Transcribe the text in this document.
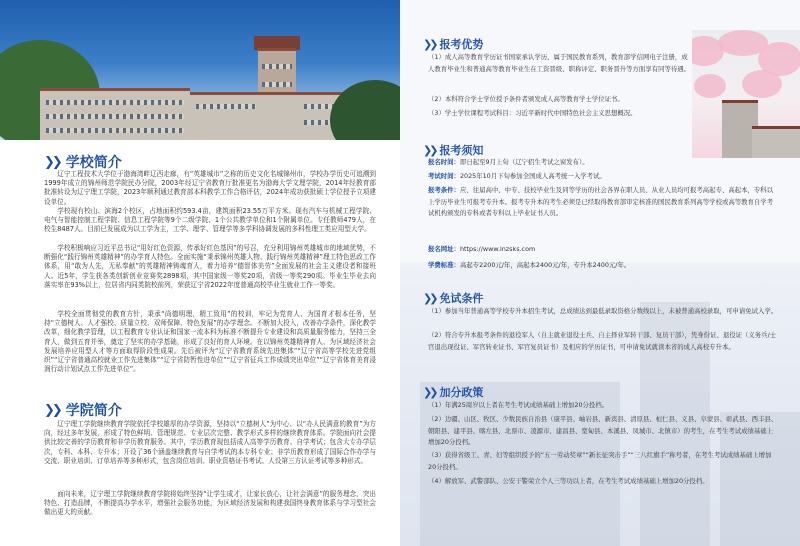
❯❯ 学校简介

辽宁工程技术大学位于渤海湾畔辽西走廊，有“英雄城市”之称的历史文化名城锦州市，学校办学历史可追溯到1999年成立的锦州师范学院民办分院，2003年经辽宁省教育厅批准更名为渤海大学文理学院，2014年经教育部批准转设为辽宁理工学院，2023年顺利通过教育部本科教学工作合格评估，2024年成功获批硕士学位授予立项建设单位。

学校现有校山、滨海2个校区，占地面积约593.4亩，建筑面积23.55万平方米。现有汽车与机械工程学院、电气与智能控制工程学院、信息工程学院等9个二级学院、1个公共教学单位和1个附属单位。专任教师479人，在校生8487人。目前已发展成为以工学为主，工学、理学、管理学等多学科协调发展的多科性理工类应用型大学。

学校积极响应习近平总书记“用好红色资源，传承好红色基因”的号召，充分利用锦州英雄城市的地域优势，不断强化“践行锦州英雄精神”的办学育人特色。全面实施“秉承锦州英雄人物、践行锦州英雄精神”理工特色思政工作体系，用“敢为人先，无私奉献”的英雄精神铸魂育人，着力培养“德智体美劳”全面发展的社会主义建设者和接班人。近5年，学生获各类创新创业竞赛奖2898项，其中国家级一等奖20项，省级一等奖290项。毕业生毕业去向落实率在93%以上，位居省内同类院校前列，荣获辽宁省2022年度普通高校毕业生就业工作一等奖。

学校全面贯彻党的教育方针，秉承“尚德明理，精工致用”的校训，牢记为党育人、为国育才根本任务，坚持“立德树人、人才强校、质量立校、双师保障、特色发展”的办学理念。不断加大投入，改善办学条件，深化教学改革，细化教学管理，以工程教育专业认证和国家一流本科为标准不断提升专业建设和高质量服务能力，坚持三全育人，做到五育并举，奠定了坚实的办学基础，形成了良好的育人环境。在以锦州英雄精神育人、为区域经济社会发展培养应用型人才等方面取得阶段性成果。先后被评为“辽宁省教育系统先进集体”“辽宁省高等学校先进党组织”“辽宁省普通高校就业工作先进集体”“辽宁省防暂性进单位”“辽宁省征兵工作成绩突出单位”“辽宁省体育美育浸润行动计划试点工作先进单位”。

❯❯ 学院简介

辽宁理工学院继续教育学院依托学校雄厚的办学资源，坚持以“立德树人”为中心、以“办人民满意的教育”为方向，经过多年发展，形成了特色鲜明、管理规范、专业层次完整、教学形式多样的继续教育体系。学院面向社会提供比较完善的学历教育和非学历教育服务。其中，学历教育现包括成人高等学历教育、自学考试；包含大专办学层次，专科、本科、专升本；开设了36个涵盖继续教育与自学考试的本专科专业；非学历教育形成了国际合作办学与交流、职业培训、订单培养等多种形式，包含岗位培训、职业资格证书考试、人设第三方认证考试等多种形式。

面向未来，辽宁理工学院继续教育学院将始终坚持“让学生成才，让家长放心，让社会满意”的服务理念，突出特色、打造品牌，不断提高办学水平，增强社会服务功能，为区域经济发展和构建我国终身教育体系与学习型社会做出更大的贡献。

❯❯ 报考优势

（1）成人高等教育学历证书国家承认学历，属于国民教育系列，教育部学信网电子注册，成人教育毕业生和普通高等教育毕业生在工资晋级、职称评定、职务晋升等方面享有同等待遇。

（2）本科符合学士学位授予条件者颁发成人高等教育学士学位证书。

（3）学士学位课程考试科目：习近平新时代中国特色社会主义思想概况。

❯❯ 报考须知

报名时间：即日起至9月上旬（辽宁招生考试之窗发布）。

考试时间：2025年10月下旬参加全国成人高考统一入学考试。

报考条件：应、往届高中、中专、技校毕业生及同等学历的社会各界在职人员、从业人员均可报考高起专、高起本，专科以上学历毕业生可报考专升本。报考专升本的考生必须是已经取得教育部审定核准的国民教育系列高等学校或高等教育自学考试机构颁发的专科或者专科以上毕业证书人员。

报名网址：https://www.lnzsks.com

学费标准：高起专2200元/年，高起本2400元/年，专升本2400元/年。

❯❯ 免试条件

（1）参加当年普通高等学校专升本招生考试，总成绩达到最低录取资格分数线以上，未被普通高校录取，可申请免试入学。

（2）符合专升本报考条件的退役军人（自主就业退役士兵、自主择业军转干部、复员干部），凭身份证、退役证（义务兵/士官退出现役证、军官转业证书、军官复员证书）及相应的学历证书，可申请免试就读本省的成人高校专升本。

❯❯ 加分政策

（1）年满25周岁以上者在考生考试成绩基础上增加20分投档。

（2）边疆、山区、牧区、少数民族自治县（康平县、岫岩县、新宾县、清原县、桓仁县、义县、阜蒙县、彰武县、西丰县、朝阳县、建平县、喀左县、北票市、凌源市、建昌县、宽甸县、本溪县、凤城市、北镇市）的考生，在考生考试成绩基础上增加20分投档。

（3）获得省级工、青、妇等组织授予的“五一劳动奖章”“新长征突击手”“三八红旗手”称号者，在考生考试成绩基础上增加20分投档。

（4）解放军、武警部队、公安干警荣立个人三等功以上者，在考生考试成绩基础上增加20分投档。
